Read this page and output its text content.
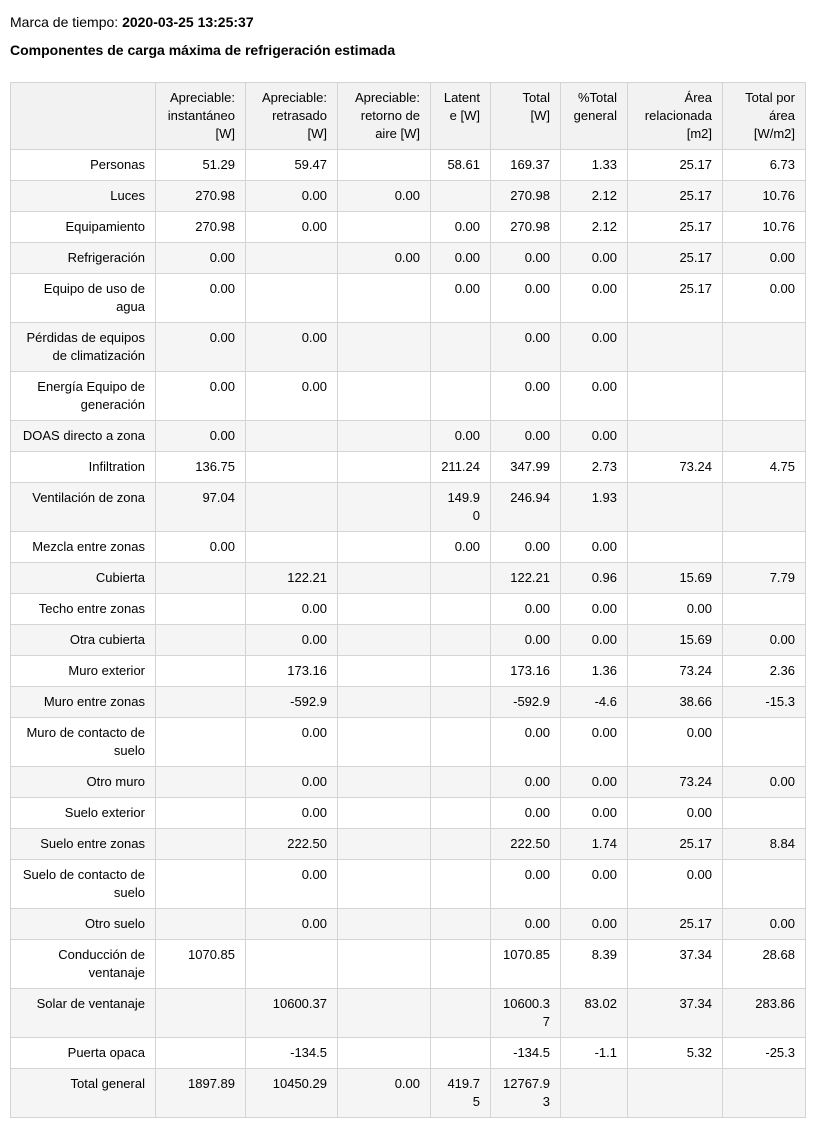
Marca de tiempo: 2020-03-25 13:25:37

Componentes de carga máxima de refrigeración estimada

	Apreciable: instantáneo [W]	Apreciable: retrasado [W]	Apreciable: retorno de aire [W]	Latente [W]	Total [W]	%Total general	Área relacionada [m2]	Total por área [W/m2]
Personas	51.29	59.47		58.61	169.37	1.33	25.17	6.73
Luces	270.98	0.00	0.00		270.98	2.12	25.17	10.76
Equipamiento	270.98	0.00		0.00	270.98	2.12	25.17	10.76
Refrigeración	0.00		0.00	0.00	0.00	0.00	25.17	0.00
Equipo de uso de agua	0.00			0.00	0.00	0.00	25.17	0.00
Pérdidas de equipos de climatización	0.00	0.00			0.00	0.00		
Energía Equipo de generación	0.00	0.00			0.00	0.00		
DOAS directo a zona	0.00			0.00	0.00	0.00		
Infiltration	136.75			211.24	347.99	2.73	73.24	4.75
Ventilación de zona	97.04			149.90	246.94	1.93		
Mezcla entre zonas	0.00			0.00	0.00	0.00		
Cubierta		122.21			122.21	0.96	15.69	7.79
Techo entre zonas		0.00			0.00	0.00	0.00	
Otra cubierta		0.00			0.00	0.00	15.69	0.00
Muro exterior		173.16			173.16	1.36	73.24	2.36
Muro entre zonas		-592.9			-592.9	-4.6	38.66	-15.3
Muro de contacto de suelo		0.00			0.00	0.00	0.00	
Otro muro		0.00			0.00	0.00	73.24	0.00
Suelo exterior		0.00			0.00	0.00	0.00	
Suelo entre zonas		222.50			222.50	1.74	25.17	8.84
Suelo de contacto de suelo		0.00			0.00	0.00	0.00	
Otro suelo		0.00			0.00	0.00	25.17	0.00
Conducción de ventanaje	1070.85				1070.85	8.39	37.34	28.68
Solar de ventanaje		10600.37			10600.37	83.02	37.34	283.86
Puerta opaca		-134.5			-134.5	-1.1	5.32	-25.3
Total general	1897.89	10450.29	0.00	419.75	12767.93			
